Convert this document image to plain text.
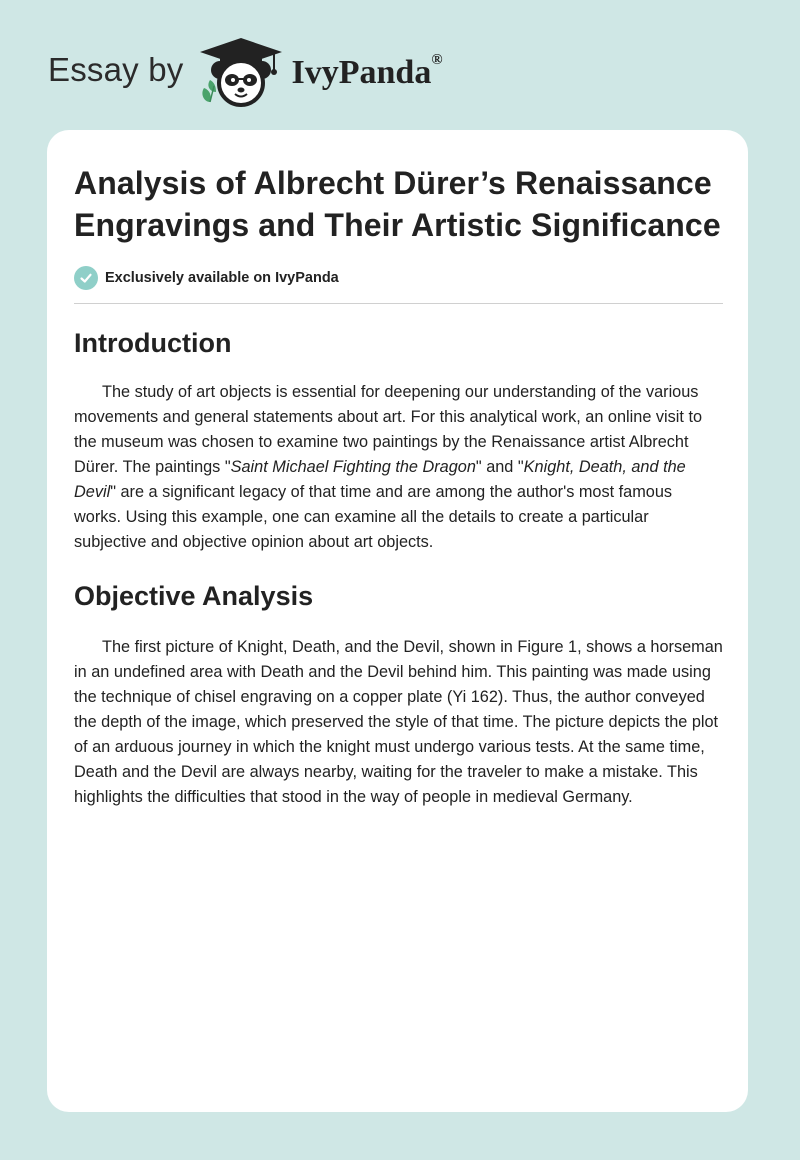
Essay by	IvyPanda®
Analysis of Albrecht Dürer’s Renaissance Engravings and Their Artistic Significance
Exclusively available on IvyPanda
Introduction

The study of art objects is essential for deepening our understanding of the various movements and general statements about art. For this analytical work, an online visit to the museum was chosen to examine two paintings by the Renaissance artist Albrecht Dürer. The paintings "Saint Michael Fighting the Dragon" and "Knight, Death, and the Devil" are a significant legacy of that time and are among the author's most famous works. Using this example, one can examine all the details to create a particular subjective and objective opinion about art objects.

Objective Analysis

The first picture of Knight, Death, and the Devil, shown in Figure 1, shows a horseman in an undefined area with Death and the Devil behind him. This painting was made using the technique of chisel engraving on a copper plate (Yi 162). Thus, the author conveyed the depth of the image, which preserved the style of that time. The picture depicts the plot of an arduous journey in which the knight must undergo various tests. At the same time, Death and the Devil are always nearby, waiting for the traveler to make a mistake. This highlights the difficulties that stood in the way of people in medieval Germany.
